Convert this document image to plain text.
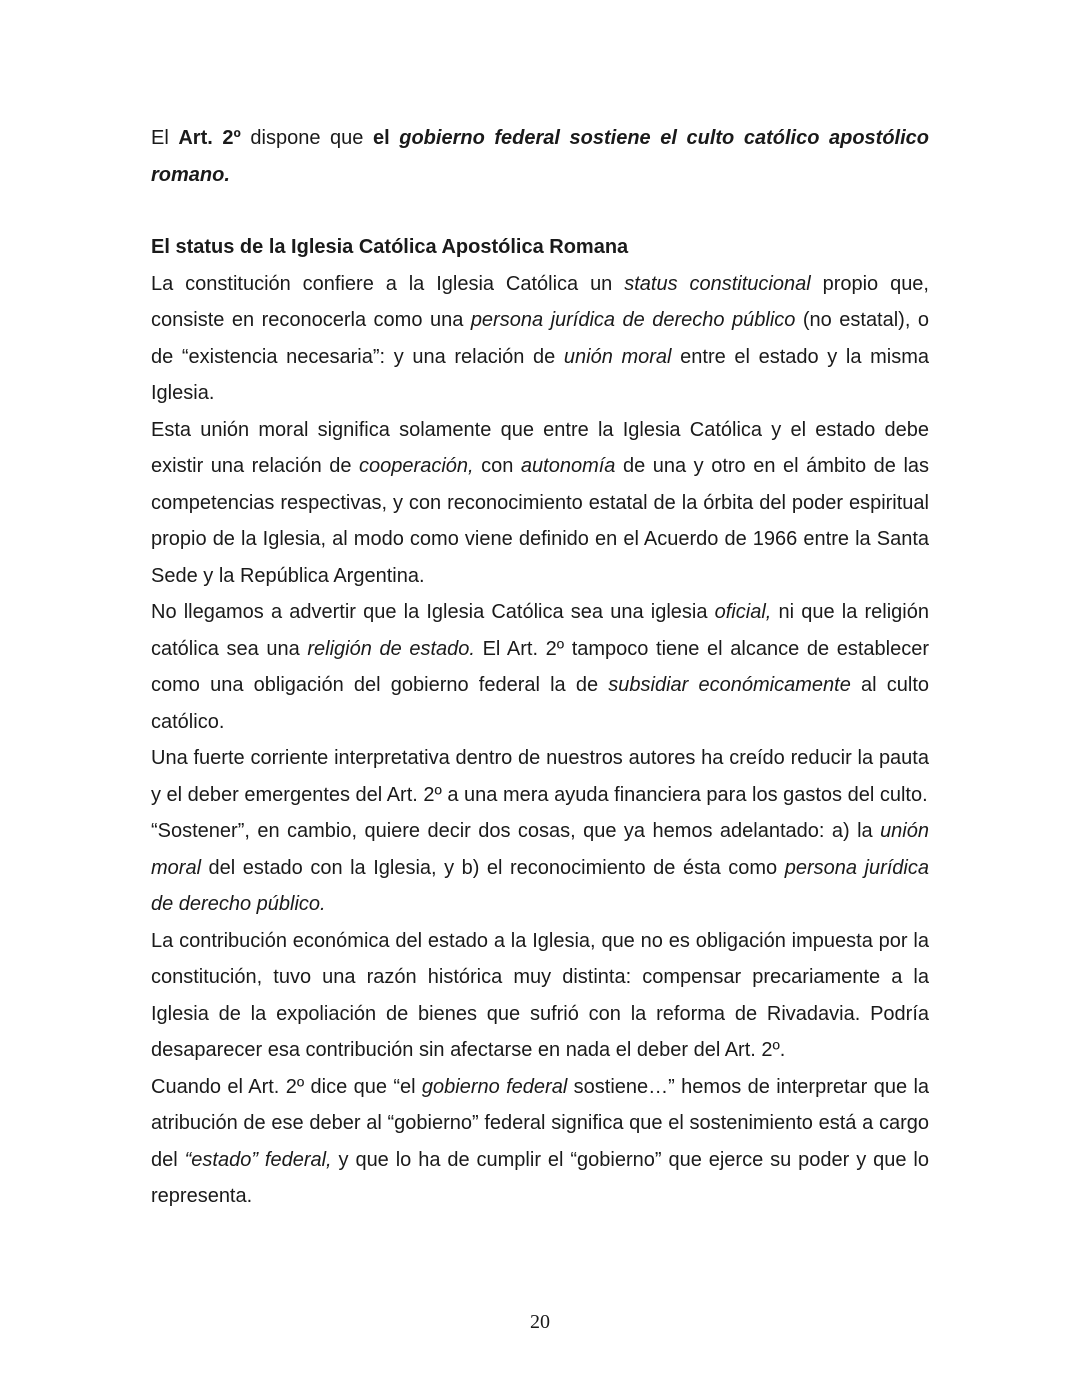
El Art. 2º dispone que el gobierno federal sostiene el culto católico apostólico romano.

El status de la Iglesia Católica Apostólica Romana

La constitución confiere a la Iglesia Católica un status constitucional propio que, consiste en reconocerla como una persona jurídica de derecho público (no estatal), o de “existencia necesaria”: y una relación de unión moral entre el estado y la misma Iglesia.

Esta unión moral significa solamente que entre la Iglesia Católica y el estado debe existir una relación de cooperación, con autonomía de una y otro en el ámbito de las competencias respectivas, y con reconocimiento estatal de la órbita del poder espiritual propio de la Iglesia, al modo como viene definido en el Acuerdo de 1966 entre la Santa Sede y la República Argentina.

No llegamos a advertir que la Iglesia Católica sea una iglesia oficial, ni que la religión católica sea una religión de estado. El Art. 2º tampoco tiene el alcance de establecer como una obligación del gobierno federal la de subsidiar económicamente al culto católico.

Una fuerte corriente interpretativa dentro de nuestros autores ha creído reducir la pauta y el deber emergentes del Art. 2º a una mera ayuda financiera para los gastos del culto.

“Sostener”, en cambio, quiere decir dos cosas, que ya hemos adelantado: a) la unión moral del estado con la Iglesia, y b) el reconocimiento de ésta como persona jurídica de derecho público.

La contribución económica del estado a la Iglesia, que no es obligación impuesta por la constitución, tuvo una razón histórica muy distinta: compensar precariamente a la Iglesia de la expoliación de bienes que sufrió con la reforma de Rivadavia. Podría desaparecer esa contribución sin afectarse en nada el deber del Art. 2º.

Cuando el Art. 2º dice que “el gobierno federal sostiene…” hemos de interpretar que la atribución de ese deber al “gobierno” federal significa que el sostenimiento está a cargo del “estado” federal, y que lo ha de cumplir el “gobierno” que ejerce su poder y que lo representa.

20
